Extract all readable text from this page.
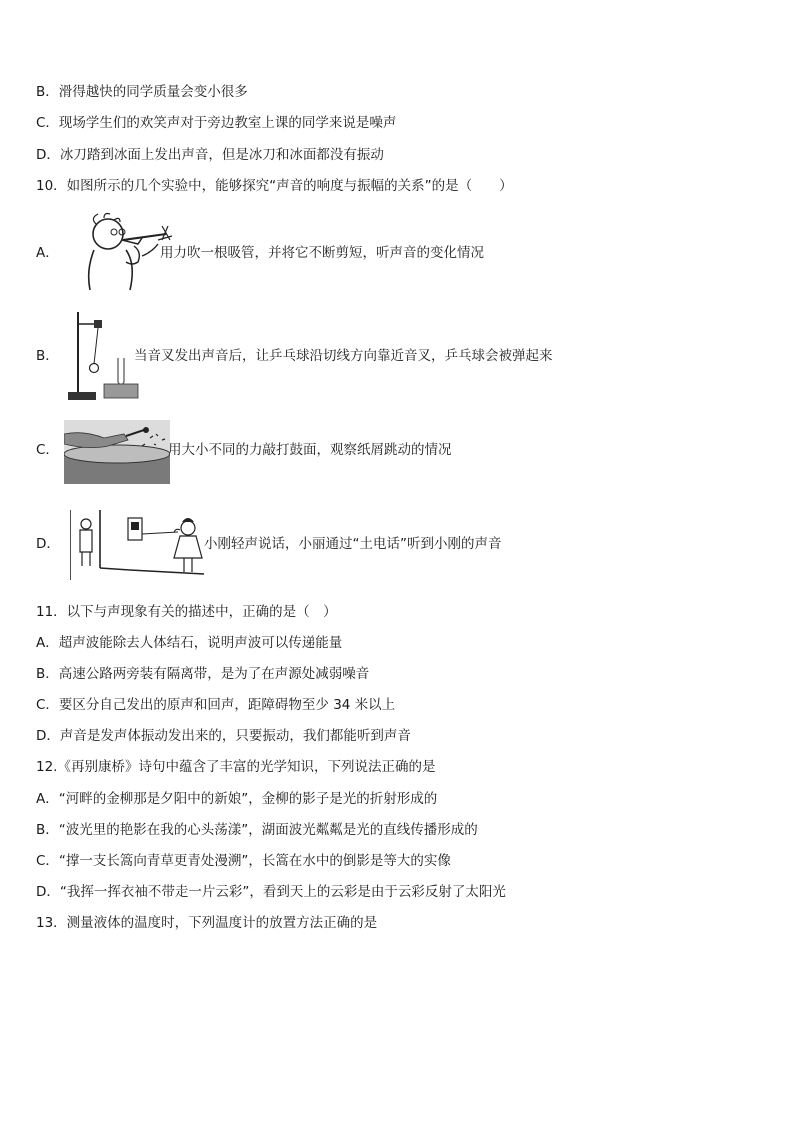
B．滑得越快的同学质量会变小很多
C．现场学生们的欢笑声对于旁边教室上课的同学来说是噪声
D．冰刀踏到冰面上发出声音，但是冰刀和冰面都没有振动
10．如图所示的几个实验中，能够探究“声音的响度与振幅的关系”的是（　　）
A．	用力吹一根吸管，并将它不断剪短，听声音的变化情况
B．	当音叉发出声音后，让乒乓球沿切线方向靠近音叉，乒乓球会被弹起来
C．	用大小不同的力敲打鼓面，观察纸屑跳动的情况
D．	小刚轻声说话，小丽通过“土电话”听到小刚的声音
11．以下与声现象有关的描述中，正确的是（　）
A．超声波能除去人体结石，说明声波可以传递能量
B．高速公路两旁装有隔离带，是为了在声源处减弱噪音
C．要区分自己发出的原声和回声，距障碍物至少 34 米以上
D．声音是发声体振动发出来的，只要振动，我们都能听到声音
12.《再别康桥》诗句中蕴含了丰富的光学知识，下列说法正确的是
A．“河畔的金柳那是夕阳中的新娘”，金柳的影子是光的折射形成的
B．“波光里的艳影在我的心头荡漾”，湖面波光粼粼是光的直线传播形成的
C．“撑一支长篙向青草更青处漫溯”，长篙在水中的倒影是等大的实像
D．“我挥一挥衣袖不带走一片云彩”，看到天上的云彩是由于云彩反射了太阳光
13．测量液体的温度时，下列温度计的放置方法正确的是
